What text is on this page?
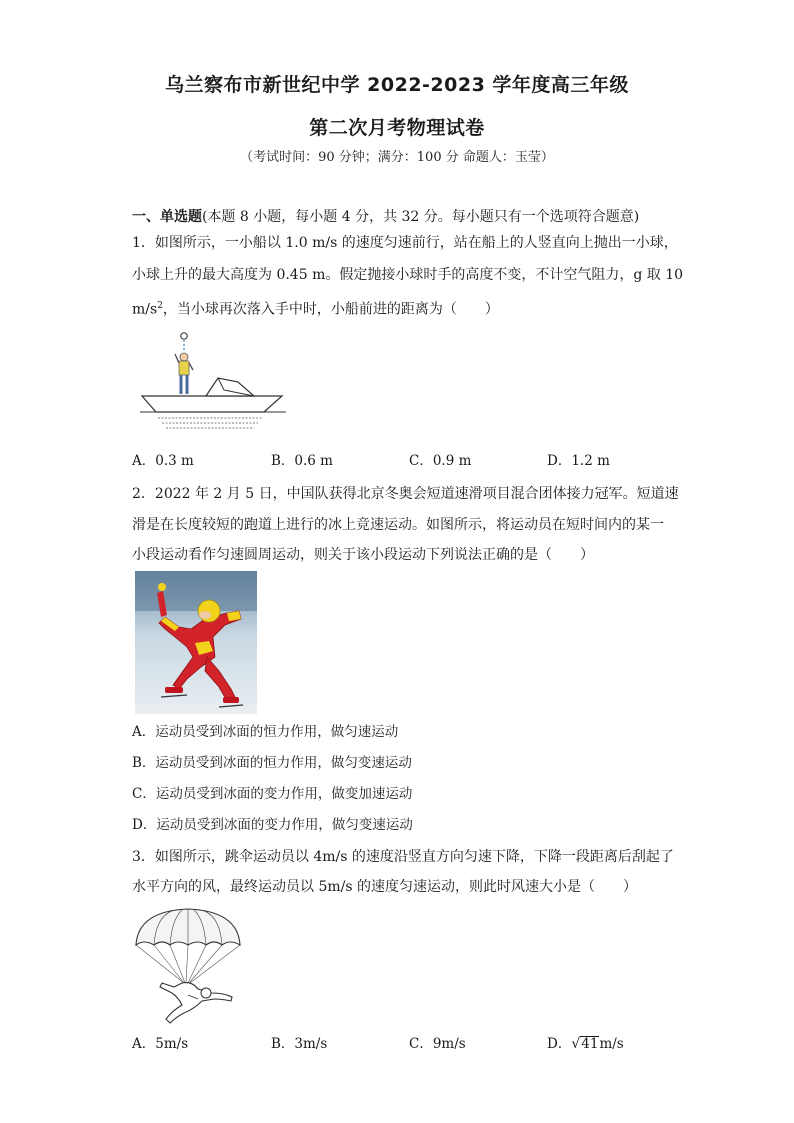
乌兰察布市新世纪中学 2022-2023 学年度高三年级
第二次月考物理试卷
（考试时间：90 分钟；满分：100 分 命题人：玉莹）
一、单选题(本题 8 小题，每小题 4 分，共 32 分。每小题只有一个选项符合题意)
1．如图所示，一小船以 1.0 m/s 的速度匀速前行，站在船上的人竖直向上抛出一小球，
小球上升的最大高度为 0.45 m。假定抛接小球时手的高度不变，不计空气阻力，g 取 10
$m/s^2$，当小球再次落入手中时，小船前进的距离为（　　）
A．0.3 m	B．0.6 m	C．0.9 m	D．1.2 m
2．2022 年 2 月 5 日，中国队获得北京冬奥会短道速滑项目混合团体接力冠军。短道速
滑是在长度较短的跑道上进行的冰上竞速运动。如图所示，将运动员在短时间内的某一
小段运动看作匀速圆周运动，则关于该小段运动下列说法正确的是（　　）
A．运动员受到冰面的恒力作用，做匀速运动
B．运动员受到冰面的恒力作用，做匀变速运动
C．运动员受到冰面的变力作用，做变加速运动
D．运动员受到冰面的变力作用，做匀变速运动
3．如图所示，跳伞运动员以 4m/s 的速度沿竖直方向匀速下降，下降一段距离后刮起了
水平方向的风，最终运动员以 5m/s 的速度匀速运动，则此时风速大小是（　　）
A．5m/s	B．3m/s	C．9m/s	D．√41m/s
